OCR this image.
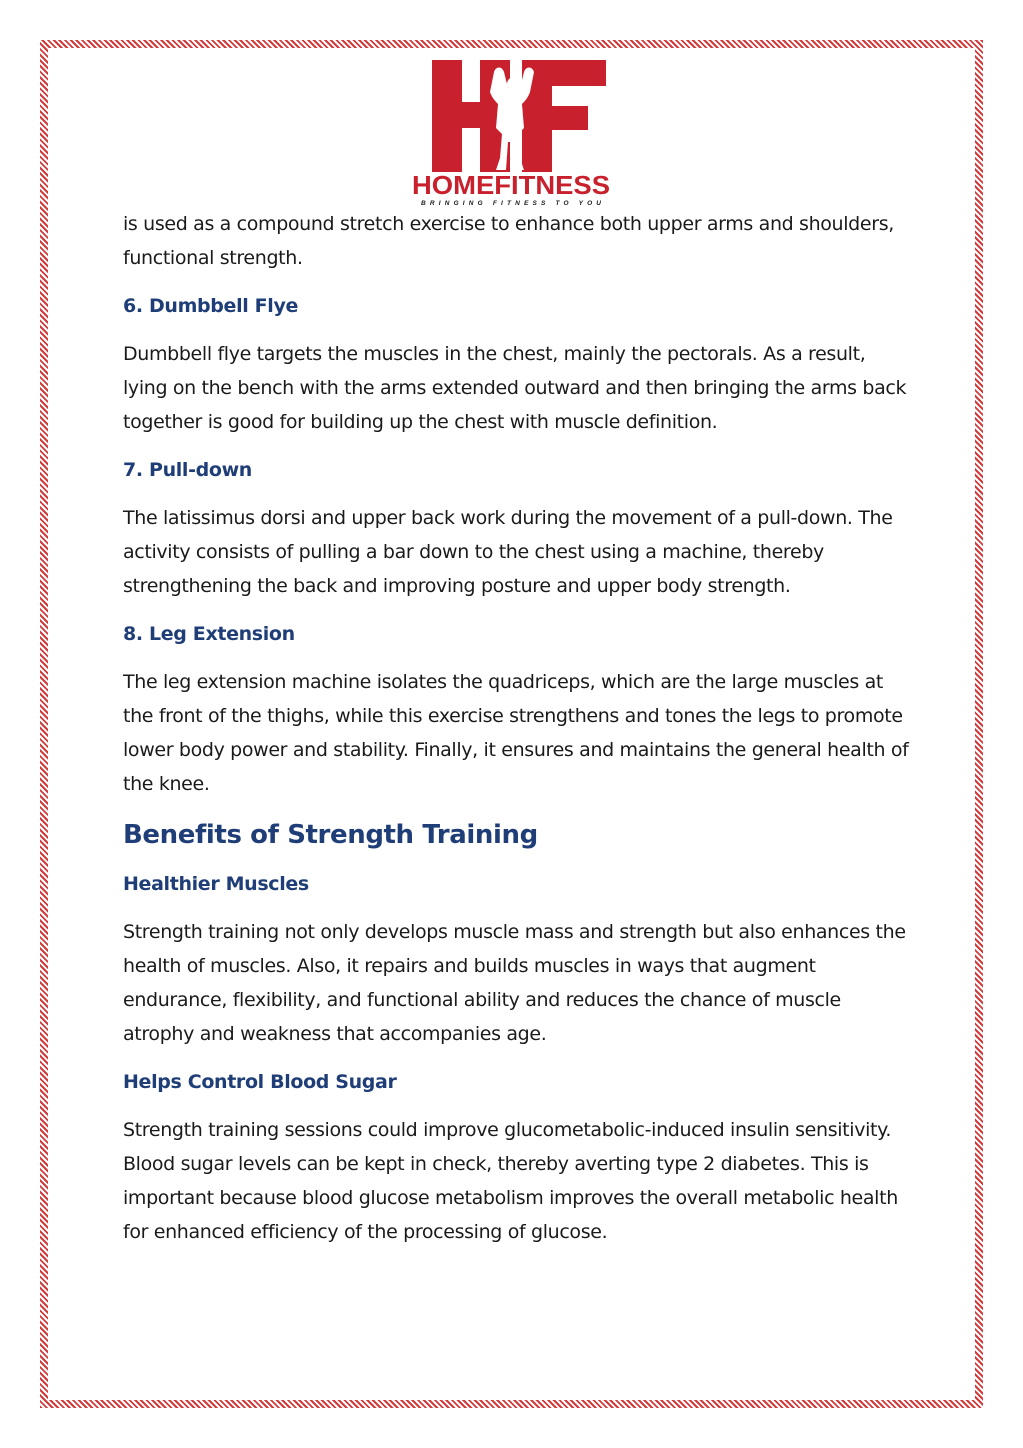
HOMEFITNESS
BRINGING FITNESS TO YOU

is used as a compound stretch exercise to enhance both upper arms and shoulders, functional strength.

6. Dumbbell Flye

Dumbbell flye targets the muscles in the chest, mainly the pectorals. As a result, lying on the bench with the arms extended outward and then bringing the arms back together is good for building up the chest with muscle definition.

7. Pull-down

The latissimus dorsi and upper back work during the movement of a pull-down. The activity consists of pulling a bar down to the chest using a machine, thereby strengthening the back and improving posture and upper body strength.

8. Leg Extension

The leg extension machine isolates the quadriceps, which are the large muscles at the front of the thighs, while this exercise strengthens and tones the legs to promote lower body power and stability. Finally, it ensures and maintains the general health of the knee.

Benefits of Strength Training

Healthier Muscles

Strength training not only develops muscle mass and strength but also enhances the health of muscles. Also, it repairs and builds muscles in ways that augment endurance, flexibility, and functional ability and reduces the chance of muscle atrophy and weakness that accompanies age.

Helps Control Blood Sugar

Strength training sessions could improve glucometabolic-induced insulin sensitivity. Blood sugar levels can be kept in check, thereby averting type 2 diabetes. This is important because blood glucose metabolism improves the overall metabolic health for enhanced efficiency of the processing of glucose.
